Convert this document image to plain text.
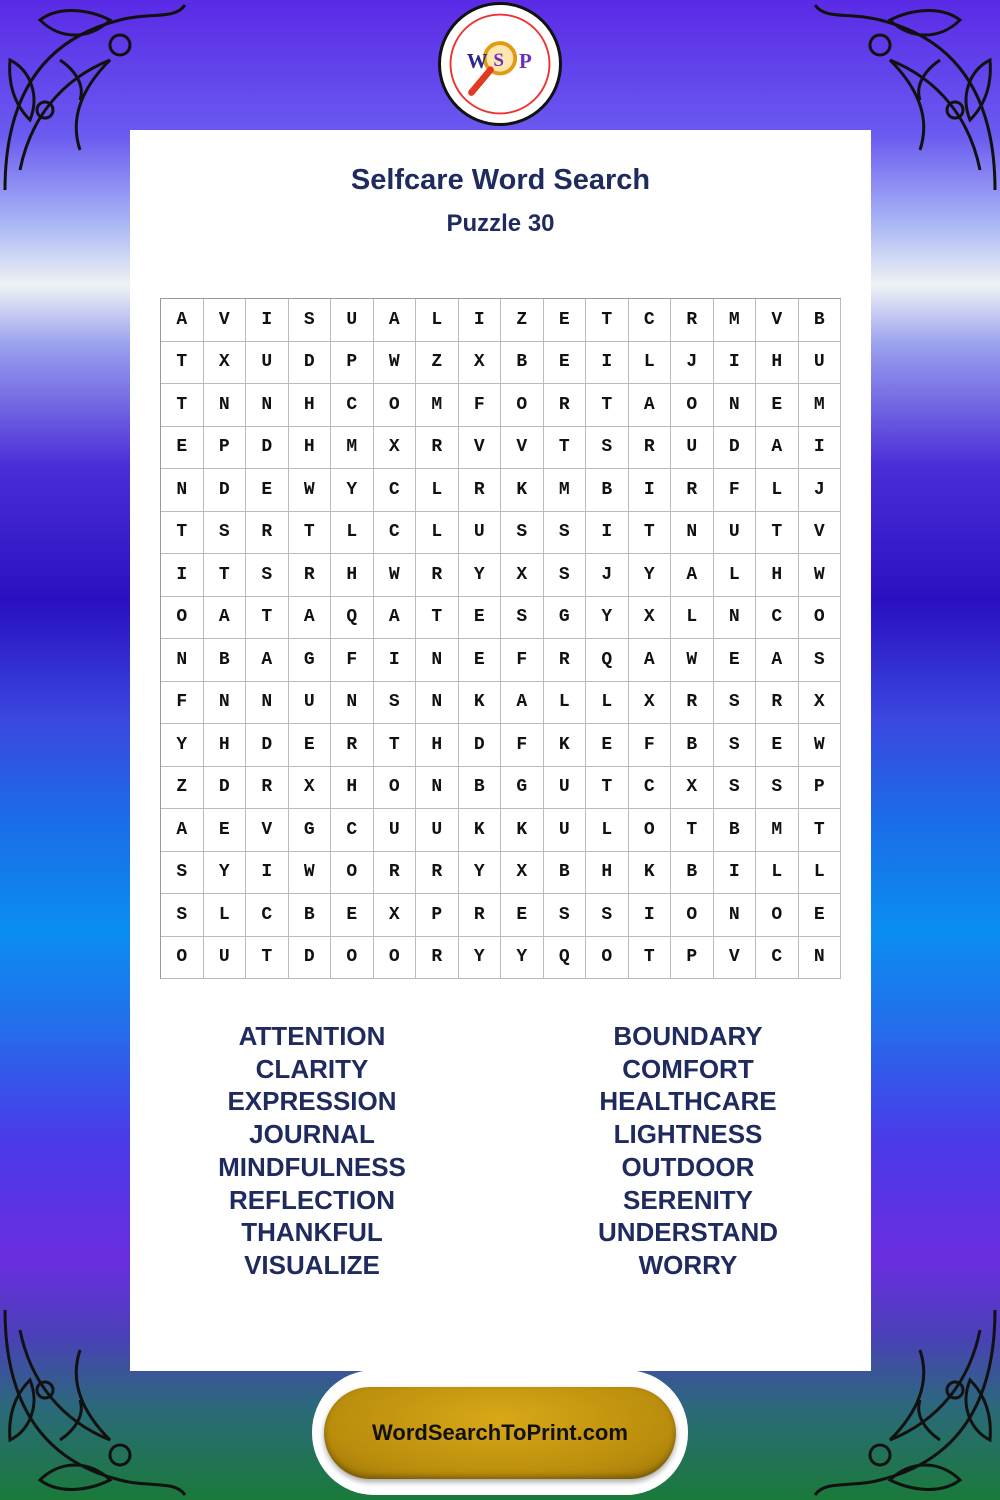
W S P
Selfcare Word Search
Puzzle 30
A	V	I	S	U	A	L	I	Z	E	T	C	R	M	V	B
T	X	U	D	P	W	Z	X	B	E	I	L	J	I	H	U
T	N	N	H	C	O	M	F	O	R	T	A	O	N	E	M
E	P	D	H	M	X	R	V	V	T	S	R	U	D	A	I
N	D	E	W	Y	C	L	R	K	M	B	I	R	F	L	J
T	S	R	T	L	C	L	U	S	S	I	T	N	U	T	V
I	T	S	R	H	W	R	Y	X	S	J	Y	A	L	H	W
O	A	T	A	Q	A	T	E	S	G	Y	X	L	N	C	O
N	B	A	G	F	I	N	E	F	R	Q	A	W	E	A	S
F	N	N	U	N	S	N	K	A	L	L	X	R	S	R	X
Y	H	D	E	R	T	H	D	F	K	E	F	B	S	E	W
Z	D	R	X	H	O	N	B	G	U	T	C	X	S	S	P
A	E	V	G	C	U	U	K	K	U	L	O	T	B	M	T
S	Y	I	W	O	R	R	Y	X	B	H	K	B	I	L	L
S	L	C	B	E	X	P	R	E	S	S	I	O	N	O	E
O	U	T	D	O	O	R	Y	Y	Q	O	T	P	V	C	N
ATTENTION
CLARITY
EXPRESSION
JOURNAL
MINDFULNESS
REFLECTION
THANKFUL
VISUALIZE
BOUNDARY
COMFORT
HEALTHCARE
LIGHTNESS
OUTDOOR
SERENITY
UNDERSTAND
WORRY
WordSearchToPrint.com
